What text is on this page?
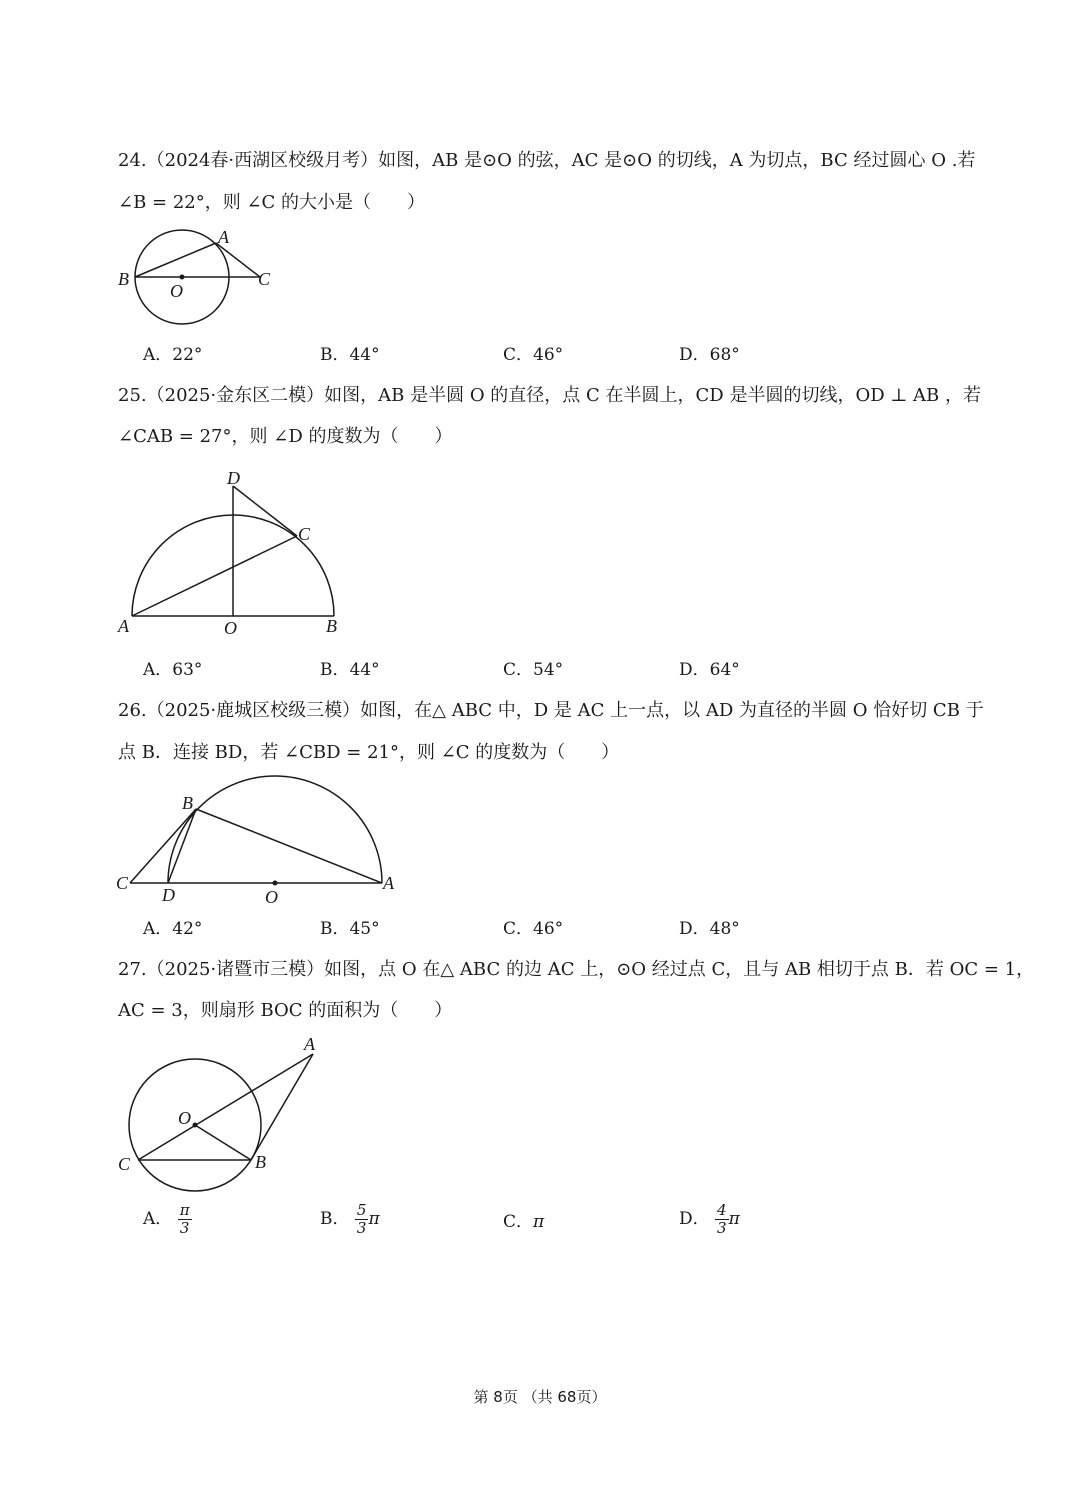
24.（2024春·西湖区校级月考）如图，AB 是⊙O 的弦，AC 是⊙O 的切线，A 为切点，BC 经过圆心 O .若
∠B = 22°，则 ∠C 的大小是（　　）
A
B
O
C
A．22°	B．44°	C．46°	D．68°
25.（2025·金东区二模）如图，AB 是半圆 O 的直径，点 C 在半圆上，CD 是半圆的切线，OD ⊥ AB ，若
∠CAB = 27°，则 ∠D 的度数为（　　）
D
C
A	O	B
A．63°	B．44°	C．54°	D．64°
26.（2025·鹿城区校级三模）如图，在△ ABC 中，D 是 AC 上一点，以 AD 为直径的半圆 O 恰好切 CB 于
点 B．连接 BD，若 ∠CBD = 21°，则 ∠C 的度数为（　　）
B
C
D	O
A
A．42°	B．45°	C．46°	D．48°
27.（2025·诸暨市三模）如图，点 O 在△ ABC 的边 AC 上，⊙O 经过点 C，且与 AB 相切于点 B．若 OC = 1，
AC = 3，则扇形 BOC 的面积为（　　）
A
O
C	B
A． $\frac{\pi}{3}$	B． $\frac{5}{3}$ π	C．π	D． $\frac{4}{3}$ π
第 8页 （共 68页）
